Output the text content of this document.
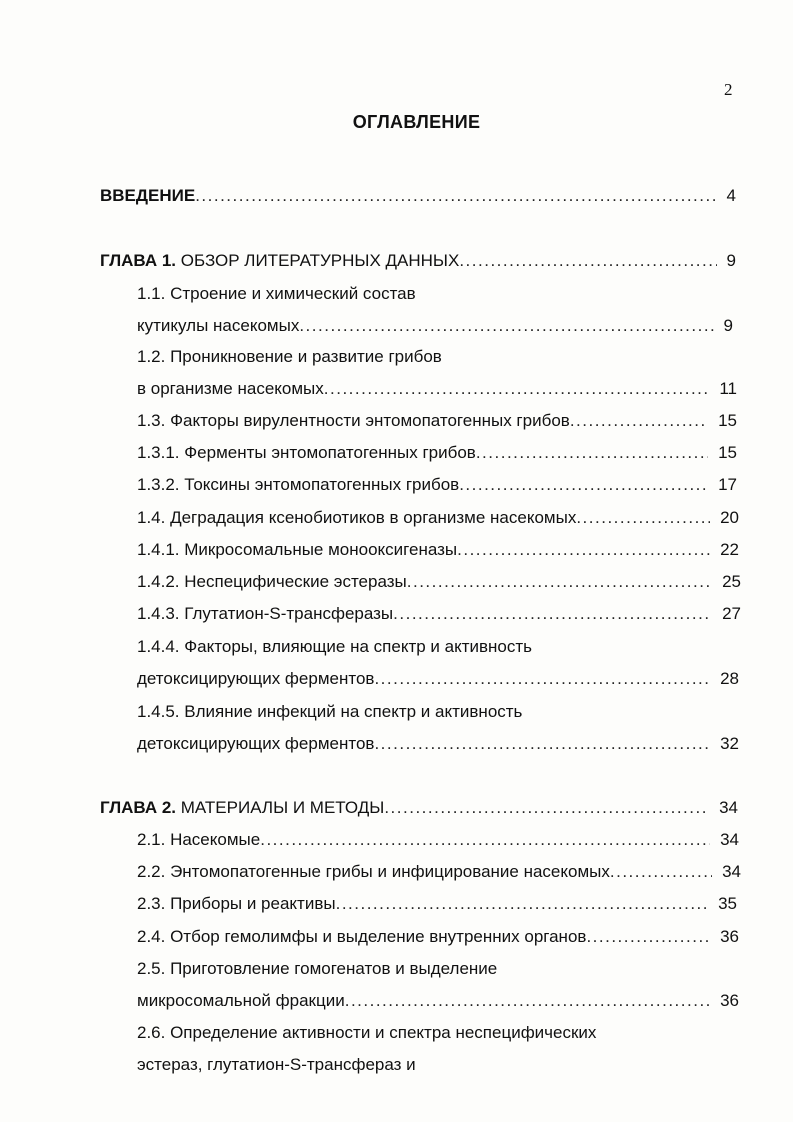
2
ОГЛАВЛЕНИЕ
ВВЕДЕНИЕ .....	4
ГЛАВА 1. ОБЗОР ЛИТЕРАТУРНЫХ ДАННЫХ .....	9
1.1. Строение и химический состав
кутикулы насекомых .....	9
1.2. Проникновение и развитие грибов
в организме насекомых .....	11
1.3. Факторы вирулентности энтомопатогенных грибов .....	15
1.3.1. Ферменты энтомопатогенных грибов .....	15
1.3.2. Токсины энтомопатогенных грибов .....	17
1.4. Деградация ксенобиотиков в организме насекомых .....	20
1.4.1. Микросомальные монооксигеназы .....	22
1.4.2. Неспецифические эстеразы .....	25
1.4.3. Глутатион-S-трансферазы .....	27
1.4.4. Факторы, влияющие на спектр и активность
детоксицирующих ферментов .....	28
1.4.5. Влияние инфекций на спектр и активность
детоксицирующих ферментов .....	32
ГЛАВА 2. МАТЕРИАЛЫ И МЕТОДЫ .....	34
2.1. Насекомые .....	34
2.2. Энтомопатогенные грибы и инфицирование насекомых .....	34
2.3. Приборы и реактивы .....	35
2.4. Отбор гемолимфы и выделение внутренних органов .....	36
2.5. Приготовление гомогенатов и выделение
микросомальной фракции .....	36
2.6. Определение активности и спектра неспецифических
эстераз, глутатион-S-трансфераз и
